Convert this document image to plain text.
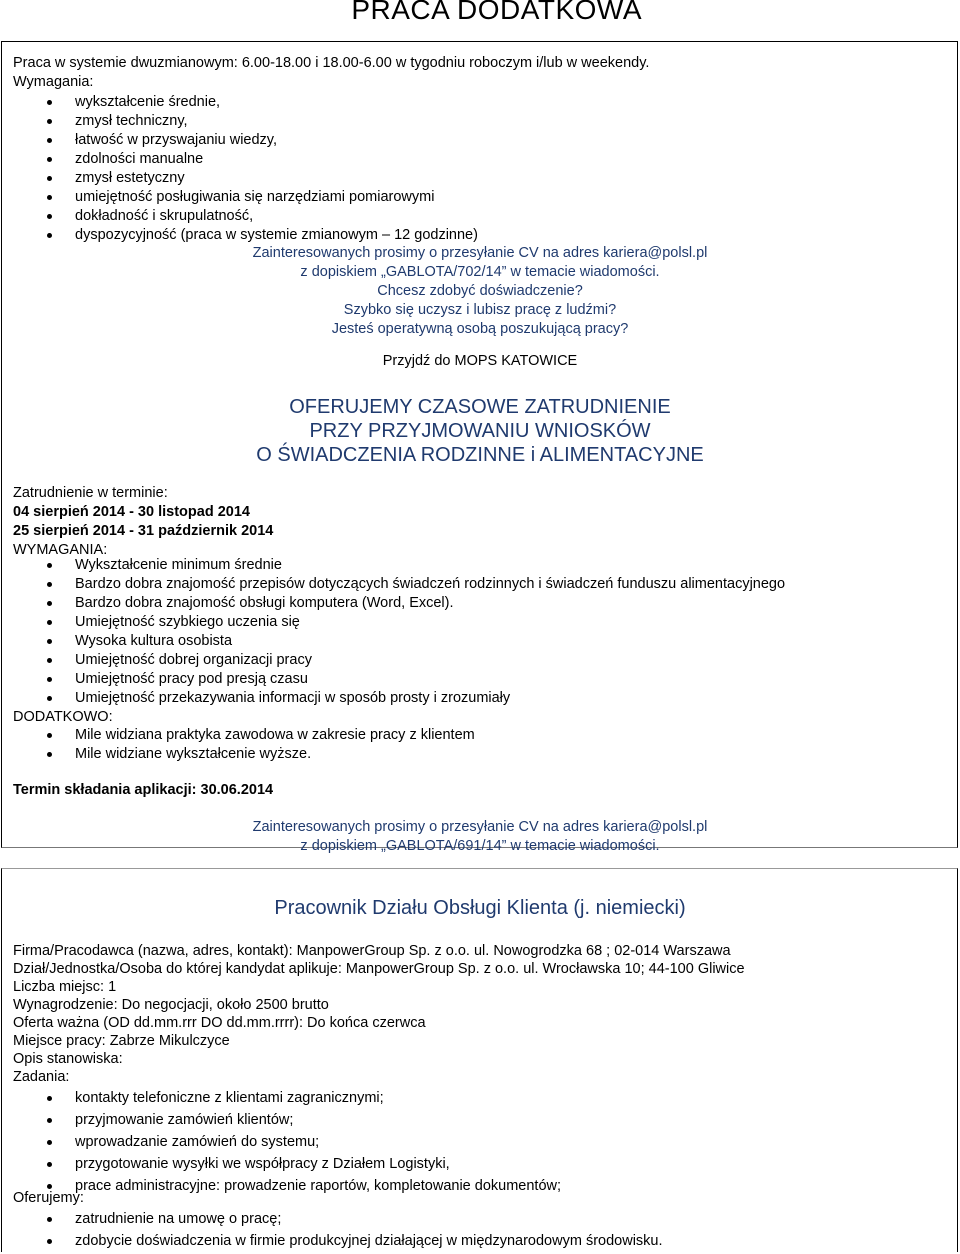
PRACA DODATKOWA
Praca w systemie dwuzmianowym: 6.00-18.00 i 18.00-6.00 w tygodniu roboczym i/lub w weekendy.
Wymagania:
wykształcenie średnie,
zmysł techniczny,
łatwość w przyswajaniu wiedzy,
zdolności manualne
zmysł estetyczny
umiejętność posługiwania się narzędziami pomiarowymi
dokładność i skrupulatność,
dyspozycyjność (praca w systemie zmianowym – 12 godzinne)
Zainteresowanych prosimy o przesyłanie CV na adres kariera@polsl.pl
z dopiskiem „GABLOTA/702/14” w temacie wiadomości.
Chcesz zdobyć doświadczenie?
Szybko się uczysz i lubisz pracę z ludźmi?
Jesteś operatywną osobą poszukującą pracy?
Przyjdź do MOPS KATOWICE
OFERUJEMY CZASOWE ZATRUDNIENIE
PRZY PRZYJMOWANIU WNIOSKÓW
O ŚWIADCZENIA RODZINNE i ALIMENTACYJNE
Zatrudnienie w terminie:
04 sierpień 2014 - 30 listopad 2014
25 sierpień 2014 - 31 październik 2014
WYMAGANIA:
Wykształcenie minimum średnie
Bardzo dobra znajomość przepisów dotyczących świadczeń rodzinnych i świadczeń funduszu alimentacyjnego
Bardzo dobra znajomość obsługi komputera (Word, Excel).
Umiejętność szybkiego uczenia się
Wysoka kultura osobista
Umiejętność dobrej organizacji pracy
Umiejętność pracy pod presją czasu
Umiejętność przekazywania informacji w sposób prosty i zrozumiały
DODATKOWO:
Mile widziana praktyka zawodowa w zakresie pracy z klientem
Mile widziane wykształcenie wyższe.
Termin składania aplikacji: 30.06.2014
Zainteresowanych prosimy o przesyłanie CV na adres kariera@polsl.pl
z dopiskiem „GABLOTA/691/14” w temacie wiadomości.
Pracownik Działu Obsługi Klienta (j. niemiecki)
Firma/Pracodawca (nazwa, adres, kontakt): ManpowerGroup Sp. z o.o. ul. Nowogrodzka 68 ; 02-014 Warszawa
Dział/Jednostka/Osoba do której kandydat aplikuje: ManpowerGroup Sp. z o.o. ul. Wrocławska 10; 44-100 Gliwice
Liczba miejsc: 1
Wynagrodzenie: Do negocjacji, około 2500 brutto
Oferta ważna (OD dd.mm.rrr DO dd.mm.rrrr): Do końca czerwca
Miejsce pracy: Zabrze Mikulczyce
Opis stanowiska:
Zadania:
kontakty telefoniczne z klientami zagranicznymi;
przyjmowanie zamówień klientów;
wprowadzanie zamówień do systemu;
przygotowanie wysyłki we współpracy z Działem Logistyki,
prace administracyjne: prowadzenie raportów, kompletowanie dokumentów;
Oferujemy:
zatrudnienie na umowę o pracę;
zdobycie doświadczenia w firmie produkcyjnej działającej w międzynarodowym środowisku.
